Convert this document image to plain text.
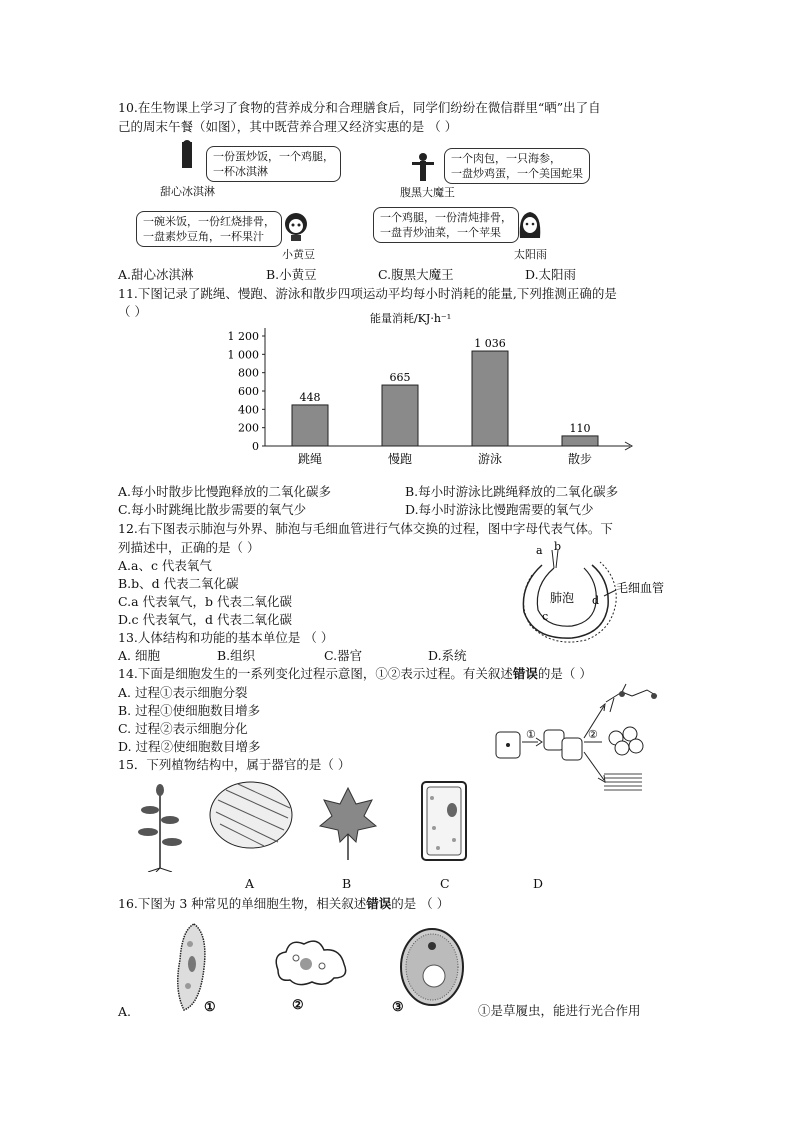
10.在生物课上学习了食物的营养成分和合理膳食后，同学们纷纷在微信群里“晒”出了自
己的周末午餐（如图），其中既营养合理又经济实惠的是 （ ）
一份蛋炒饭，一个鸡腿，
一杯冰淇淋
甜心冰淇淋
一个肉包，一只海参，
一盘炒鸡蛋，一个美国蛇果
腹黑大魔王
一碗米饭，一份红烧排骨，
一盘素炒豆角，一杯果汁
小黄豆
一个鸡腿，一份清炖排骨，
一盘青炒油菜，一个苹果
太阳雨
A.甜心冰淇淋	B.小黄豆	C.腹黑大魔王	D.太阳雨
11.下图记录了跳绳、慢跑、游泳和散步四项运动平均每小时消耗的能量,下列推测正确的是
（ ）	能量消耗/KJ·h⁻¹
0
200
400
600
800
1 000
1 200
448
跳绳
665
慢跑
1 036
游泳
110
散步
A.每小时散步比慢跑释放的二氧化碳多	B.每小时游泳比跳绳释放的二氧化碳多
C.每小时跳绳比散步需要的氧气少	D.每小时游泳比慢跑需要的氧气少
12.右下图表示肺泡与外界、肺泡与毛细血管进行气体交换的过程，图中字母代表气体。下
列描述中，正确的是（ ）
A.a、c 代表氧气
B.b、d 代表二氧化碳
C.a 代表氧气，b 代表二氧化碳
D.c 代表氧气，d 代表二氧化碳
a b
肺泡
c
d
毛细血管
13.人体结构和功能的基本单位是 （ ）
A. 细胞	B.组织	C.器官	D.系统
14.下面是细胞发生的一系列变化过程示意图，①②表示过程。有关叙述错误的是（ ）
A. 过程①表示细胞分裂
B. 过程①使细胞数目增多
C. 过程②表示细胞分化
D. 过程②使细胞数目增多
①	②
15．下列植物结构中，属于器官的是（ ）
A	B	C	D
16.下图为 3 种常见的单细胞生物，相关叙述错误的是 （ ）
①	②	③
A.	①是草履虫，能进行光合作用
